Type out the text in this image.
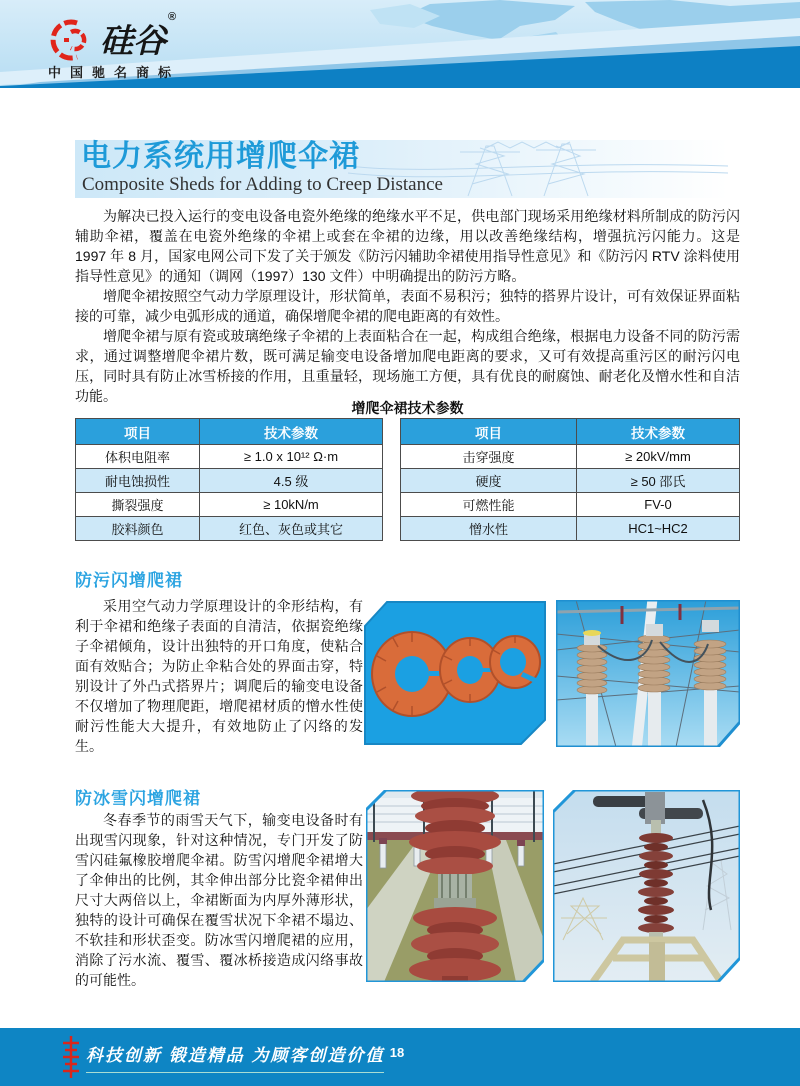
硅谷®
中国驰名商标
电力系统用增爬伞裙
Composite Sheds for Adding to Creep Distance

为解决已投入运行的变电设备电瓷外绝缘的绝缘水平不足，供电部门现场采用绝缘材料所制成的防污闪辅助伞裙，覆盖在电瓷外绝缘的伞裙上或套在伞裙的边缘，用以改善绝缘结构，增强抗污闪能力。这是 1997 年 8 月，国家电网公司下发了关于颁发《防污闪辅助伞裙使用指导性意见》和《防污闪 RTV 涂料使用指导性意见》的通知（调网（1997）130 文件）中明确提出的防污方略。

增爬伞裙按照空气动力学原理设计，形状简单，表面不易积污；独特的搭界片设计，可有效保证界面粘接的可靠，减少电弧形成的通道，确保增爬伞裙的爬电距离的有效性。

增爬伞裙与原有瓷或玻璃绝缘子伞裙的上表面粘合在一起，构成组合绝缘，根据电力设备不同的防污需求，通过调整增爬伞裙片数，既可满足输变电设备增加爬电距离的要求，又可有效提高重污区的耐污闪电压，同时具有防止冰雪桥接的作用，且重量轻，现场施工方便，具有优良的耐腐蚀、耐老化及憎水性和自洁功能。

增爬伞裙技术参数
项目	技术参数
体积电阻率	≥ 1.0 x 10¹² Ω·m
耐电蚀损性	4.5 级
撕裂强度	≥ 10kN/m
胶料颜色	红色、灰色或其它
项目	技术参数
击穿强度	≥ 20kV/mm
硬度	≥ 50 邵氏
可燃性能	FV-0
憎水性	HC1~HC2
防污闪增爬裙

采用空气动力学原理设计的伞形结构，有利于伞裙和绝缘子表面的自清洁，依据瓷绝缘子伞裙倾角，设计出独特的开口角度，使粘合面有效贴合；为防止伞粘合处的界面击穿，特别设计了外凸式搭界片；调爬后的输变电设备不仅增加了物理爬距，增爬裙材质的憎水性使耐污性能大大提升，有效地防止了闪络的发生。

防冰雪闪增爬裙

冬春季节的雨雪天气下，输变电设备时有出现雪闪现象，针对这种情况，专门开发了防雪闪硅氟橡胶增爬伞裙。防雪闪增爬伞裙增大了伞伸出的比例，其伞伸出部分比瓷伞裙伸出尺寸大两倍以上，伞裙断面为内厚外薄形状，独特的设计可确保在覆雪状况下伞裙不塌边、不软挂和形状歪变。防冰雪闪增爬裙的应用，消除了污水流、覆雪、覆冰桥接造成闪络事故的可能性。

科技创新 锻造精品 为顾客创造价值 18
